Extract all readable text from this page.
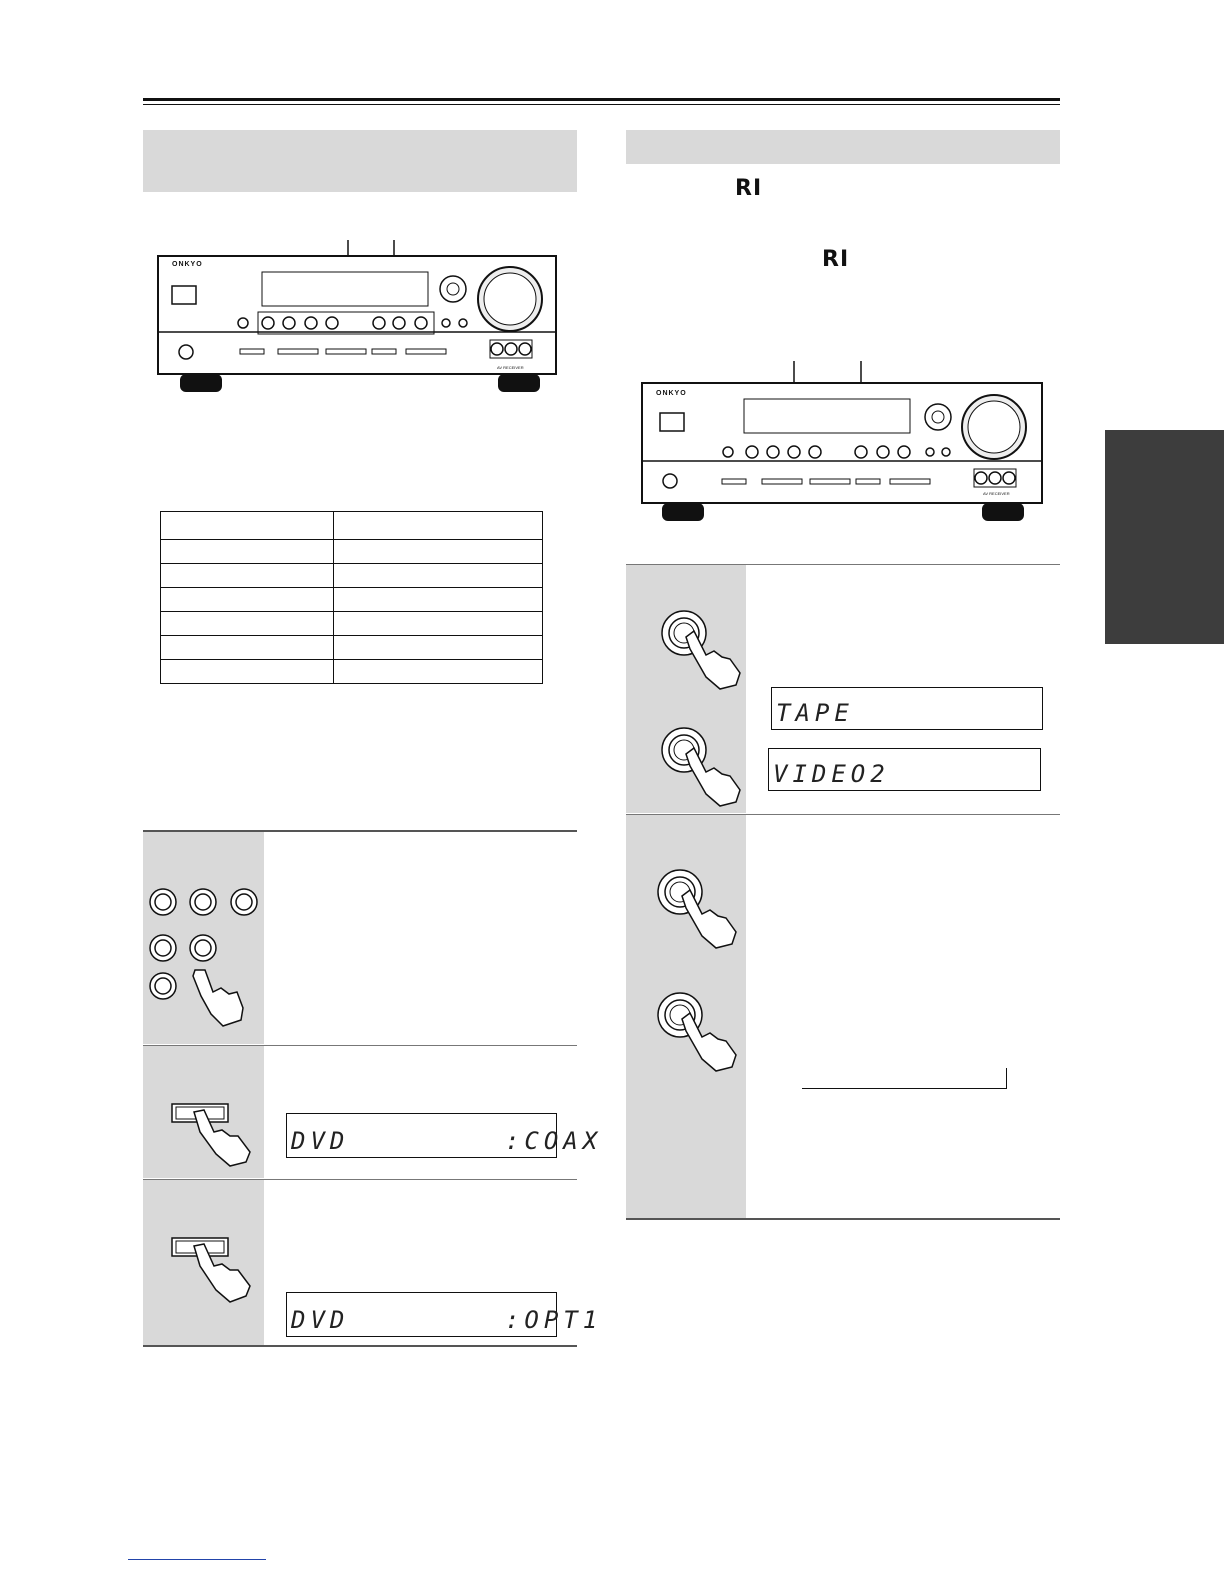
RI
RI
ONKYO
AV RECEIVER

DVD        :COAX
DVD        :OPT1
ONKYO
AV RECEIVER
TAPE
VIDEO2
